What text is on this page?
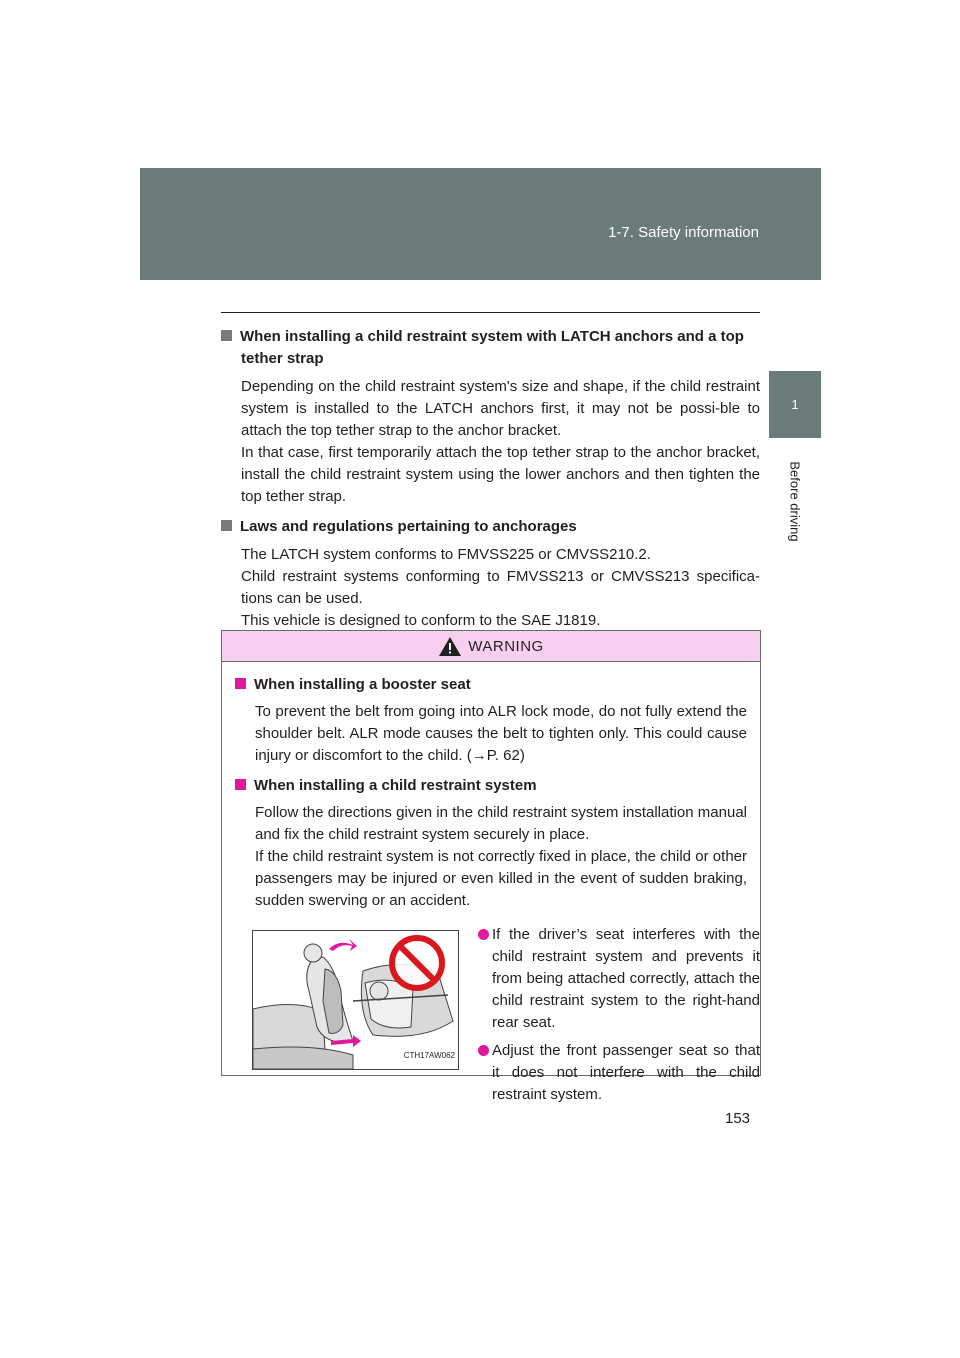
1-7. Safety information
1
Before driving

When installing a child restraint system with LATCH anchors and a top tether strap

Depending on the child restraint system's size and shape, if the child restraint system is installed to the LATCH anchors first, it may not be possi-ble to attach the top tether strap to the anchor bracket.

In that case, first temporarily attach the top tether strap to the anchor bracket, install the child restraint system using the lower anchors and then tighten the top tether strap.

Laws and regulations pertaining to anchorages

The LATCH system conforms to FMVSS225 or CMVSS210.2.

Child restraint systems conforming to FMVSS213 or CMVSS213 specifica-tions can be used.

This vehicle is designed to conform to the SAE J1819.

WARNING

When installing a booster seat

To prevent the belt from going into ALR lock mode, do not fully extend the shoulder belt. ALR mode causes the belt to tighten only. This could cause injury or discomfort to the child. (→P. 62)

When installing a child restraint system

Follow the directions given in the child restraint system installation manual and fix the child restraint system securely in place.

If the child restraint system is not correctly fixed in place, the child or other passengers may be injured or even killed in the event of sudden braking, sudden swerving or an accident.

CTH17AW062
If the driver’s seat interferes with the child restraint system and prevents it from being attached correctly, attach the child restraint system to the right-hand rear seat.
Adjust the front passenger seat so that it does not interfere with the child restraint system.
153
